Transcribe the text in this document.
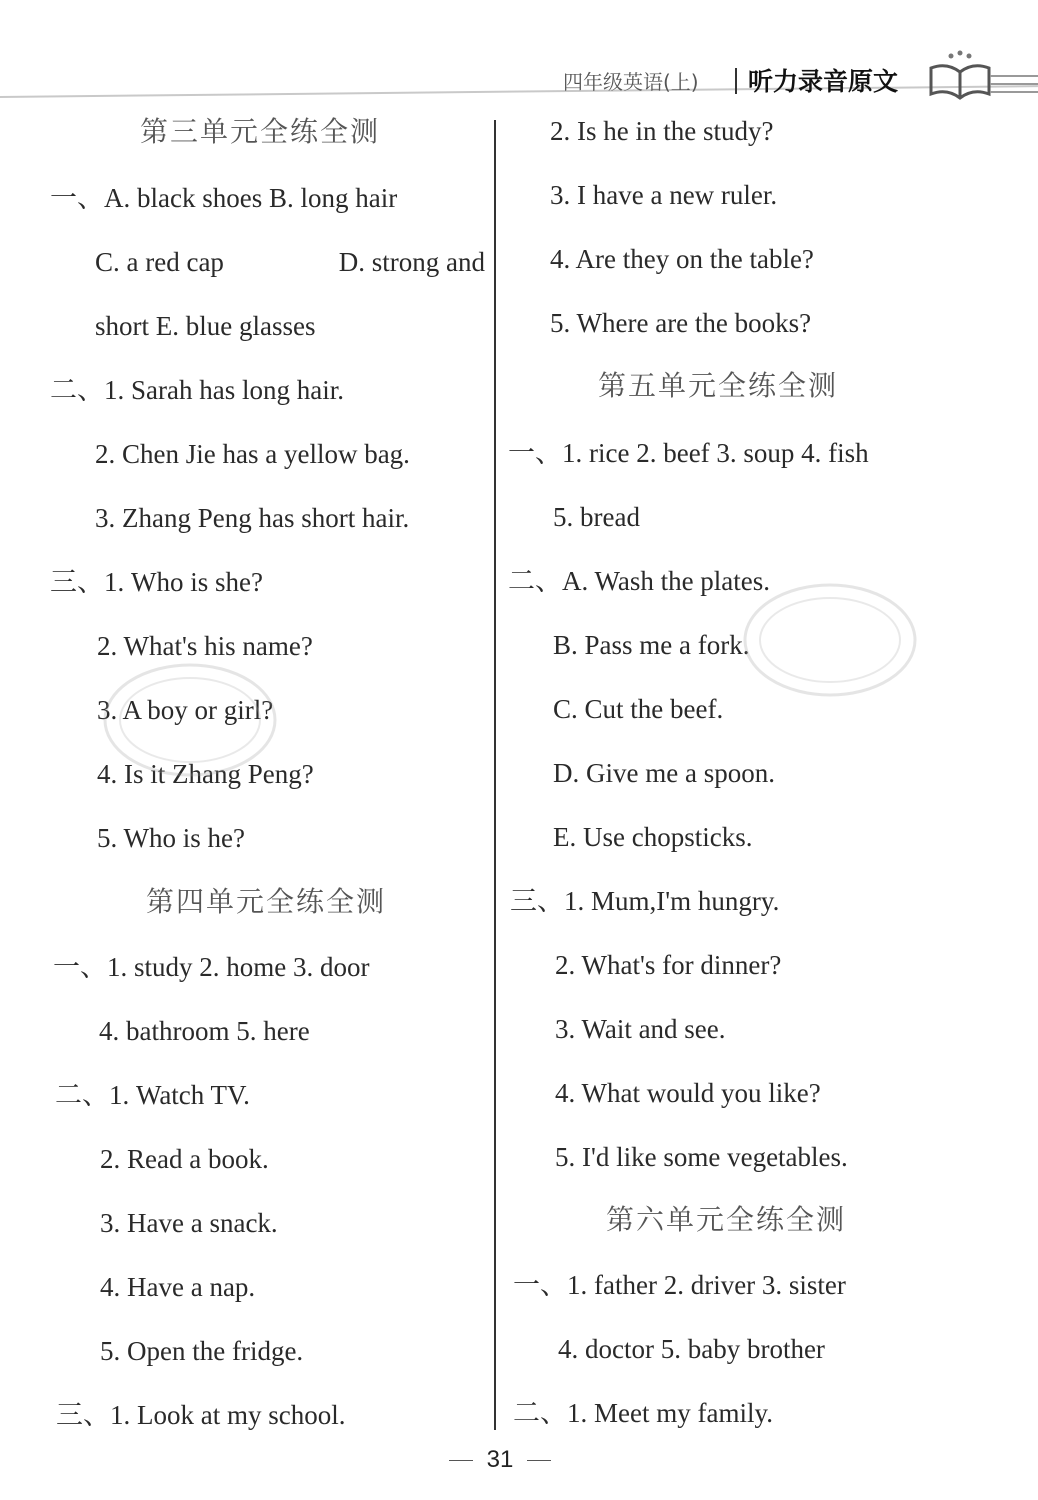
四年级英语(上) 听力录音原文
第三单元全练全测
一、A. black shoes B. long hair
C. a red cap	D. strong and
short E. blue glasses
二、1. Sarah has long hair.
2. Chen Jie has a yellow bag.
3. Zhang Peng has short hair.
三、1. Who is she?
2. What's his name?
3. A boy or girl?
4. Is it Zhang Peng?
5. Who is he?
第四单元全练全测
一、1. study 2. home 3. door
4. bathroom 5. here
二、1. Watch TV.
2. Read a book.
3. Have a snack.
4. Have a nap.
5. Open the fridge.
三、1. Look at my school.
2. Is he in the study?
3. I have a new ruler.
4. Are they on the table?
5. Where are the books?
第五单元全练全测
一、1. rice 2. beef 3. soup 4. fish
5. bread
二、A. Wash the plates.
B. Pass me a fork.
C. Cut the beef.
D. Give me a spoon.
E. Use chopsticks.
三、1. Mum,I'm hungry.
2. What's for dinner?
3. Wait and see.
4. What would you like?
5. I'd like some vegetables.
第六单元全练全测
一、1. father 2. driver 3. sister
4. doctor 5. baby brother
二、1. Meet my family.
31
